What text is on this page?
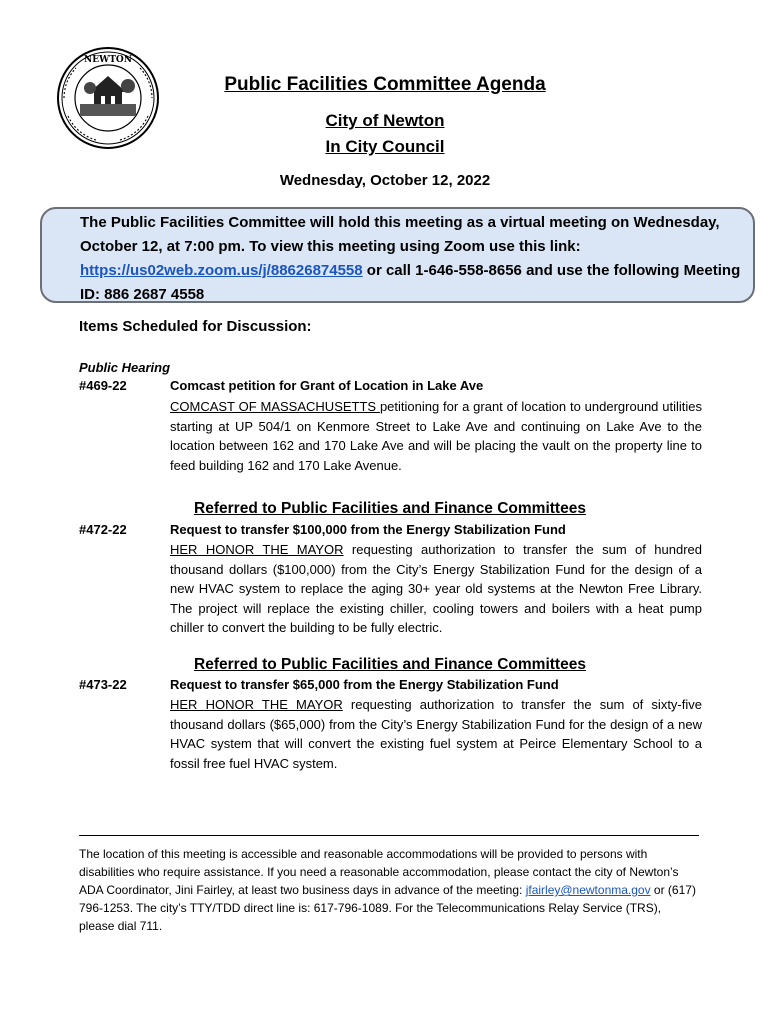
NEWTON
Public Facilities Committee Agenda
City of Newton
In City Council
Wednesday, October 12, 2022
The Public Facilities Committee will hold this meeting as a virtual meeting on Wednesday, October 12, at 7:00 pm. To view this meeting using Zoom use this link: https://us02web.zoom.us/j/88626874558 or call 1-646-558-8656 and use the following Meeting ID: 886 2687 4558
Items Scheduled for Discussion:
Public Hearing
#469-22	Comcast petition for Grant of Location in Lake Ave
COMCAST OF MASSACHUSETTS petitioning for a grant of location to underground utilities starting at UP 504/1 on Kenmore Street to Lake Ave and continuing on Lake Ave to the location between 162 and 170 Lake Ave and will be placing the vault on the property line to feed building 162 and 170 Lake Avenue.
Referred to Public Facilities and Finance Committees
#472-22	Request to transfer $100,000 from the Energy Stabilization Fund
HER HONOR THE MAYOR requesting authorization to transfer the sum of hundred thousand dollars ($100,000) from the City’s Energy Stabilization Fund for the design of a new HVAC system to replace the aging 30+ year old systems at the Newton Free Library. The project will replace the existing chiller, cooling towers and boilers with a heat pump chiller to convert the building to be fully electric.
Referred to Public Facilities and Finance Committees
#473-22	Request to transfer $65,000 from the Energy Stabilization Fund
HER HONOR THE MAYOR requesting authorization to transfer the sum of sixty-five thousand dollars ($65,000) from the City’s Energy Stabilization Fund for the design of a new HVAC system that will convert the existing fuel system at Peirce Elementary School to a fossil free fuel HVAC system.
The location of this meeting is accessible and reasonable accommodations will be provided to persons with disabilities who require assistance. If you need a reasonable accommodation, please contact the city of Newton’s ADA Coordinator, Jini Fairley, at least two business days in advance of the meeting: jfairley@newtonma.gov or (617) 796-1253. The city’s TTY/TDD direct line is: 617-796-1089. For the Telecommunications Relay Service (TRS), please dial 711.
